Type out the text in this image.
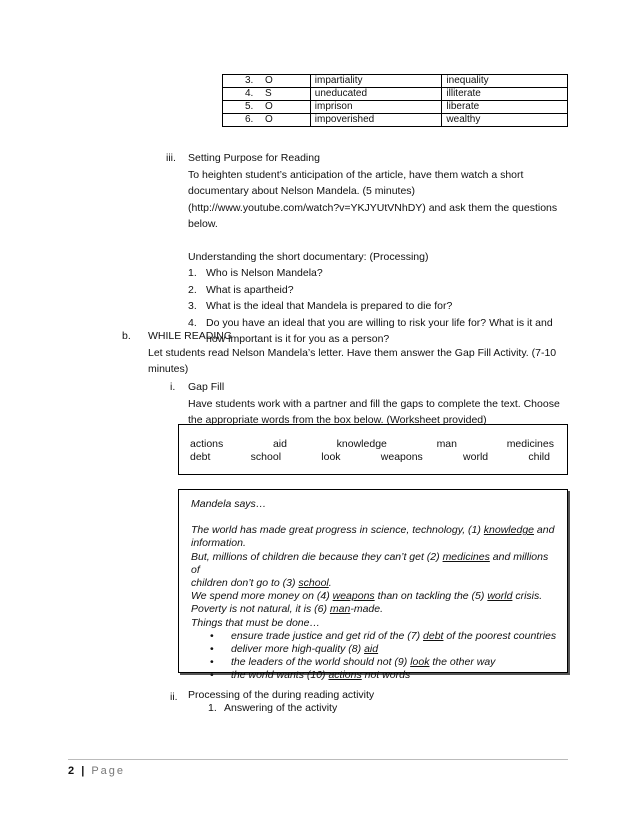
3. O	impartiality	inequality
4. S	uneducated	illiterate
5. O	imprison	liberate
6. O	impoverished	wealthy
iii. Setting Purpose for Reading
To heighten student’s anticipation of the article, have them watch a short
documentary about Nelson Mandela. (5 minutes)
(http://www.youtube.com/watch?v=YKJYUtVNhDY) and ask them the questions
below.
Understanding the short documentary: (Processing)
1. Who is Nelson Mandela?
2. What is apartheid?
3. What is the ideal that Mandela is prepared to die for?
4. Do you have an ideal that you are willing to risk your life for? What is it and
how important is it for you as a person?
b. WHILE READING
Let students read Nelson Mandela’s letter. Have them answer the Gap Fill Activity. (7-10
minutes)
i. Gap Fill
Have students work with a partner and fill the gaps to complete the text. Choose
the appropriate words from the box below. (Worksheet provided)
actions	aid	knowledge	man	medicines
debt	school	look	weapons	world	child
Mandela says…
The world has made great progress in science, technology, (1) knowledge and
information.
But, millions of children die because they can’t get (2) medicines and millions of
children don’t go to (3) school.
We spend more money on (4) weapons than on tackling the (5) world crisis.
Poverty is not natural, it is (6) man-made.
Things that must be done…
• ensure trade justice and get rid of the (7) debt of the poorest countries
• deliver more high-quality (8) aid
• the leaders of the world should not (9) look the other way
• the world wants (10) actions not words
ii. Processing of the during reading activity
1. Answering of the activity
2 | Page
